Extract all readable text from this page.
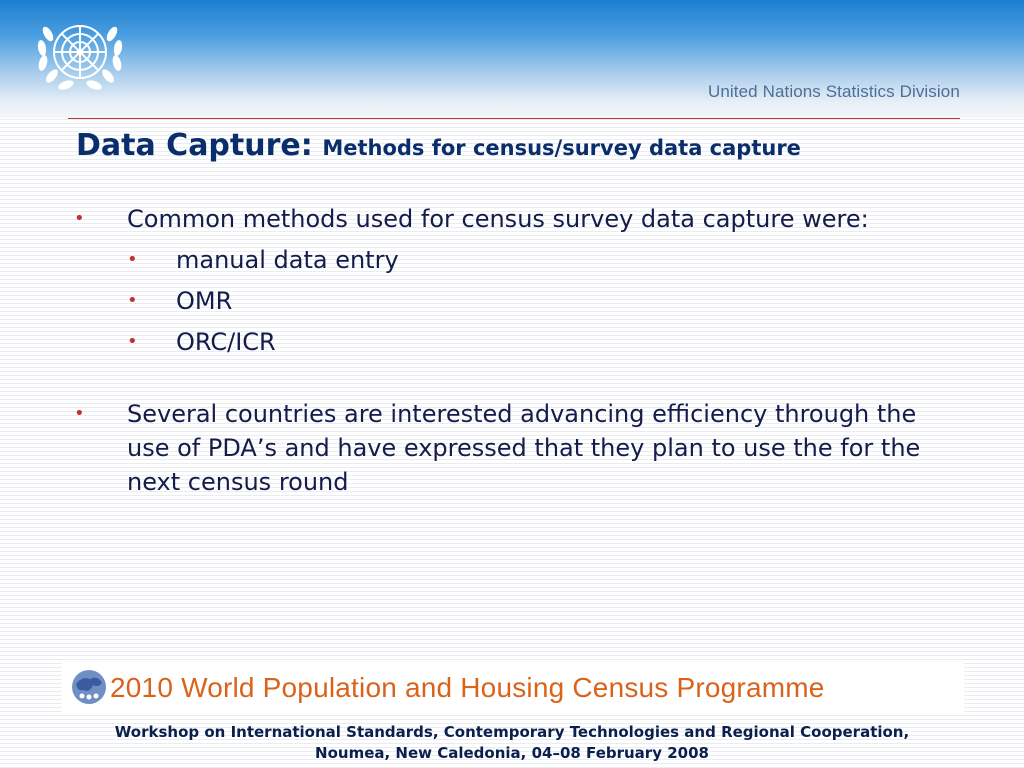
United Nations Statistics Division
Data Capture: Methods for census/survey data capture
• Common methods used for census survey data capture were:
• manual data entry
• OMR
• ORC/ICR
• Several countries are interested advancing efficiency through the use of PDA’s and have expressed that they plan to use the for the next census round
2010 World Population and Housing Census Programme
Workshop on International Standards, Contemporary Technologies and Regional Cooperation,
Noumea, New Caledonia, 04–08 February 2008
